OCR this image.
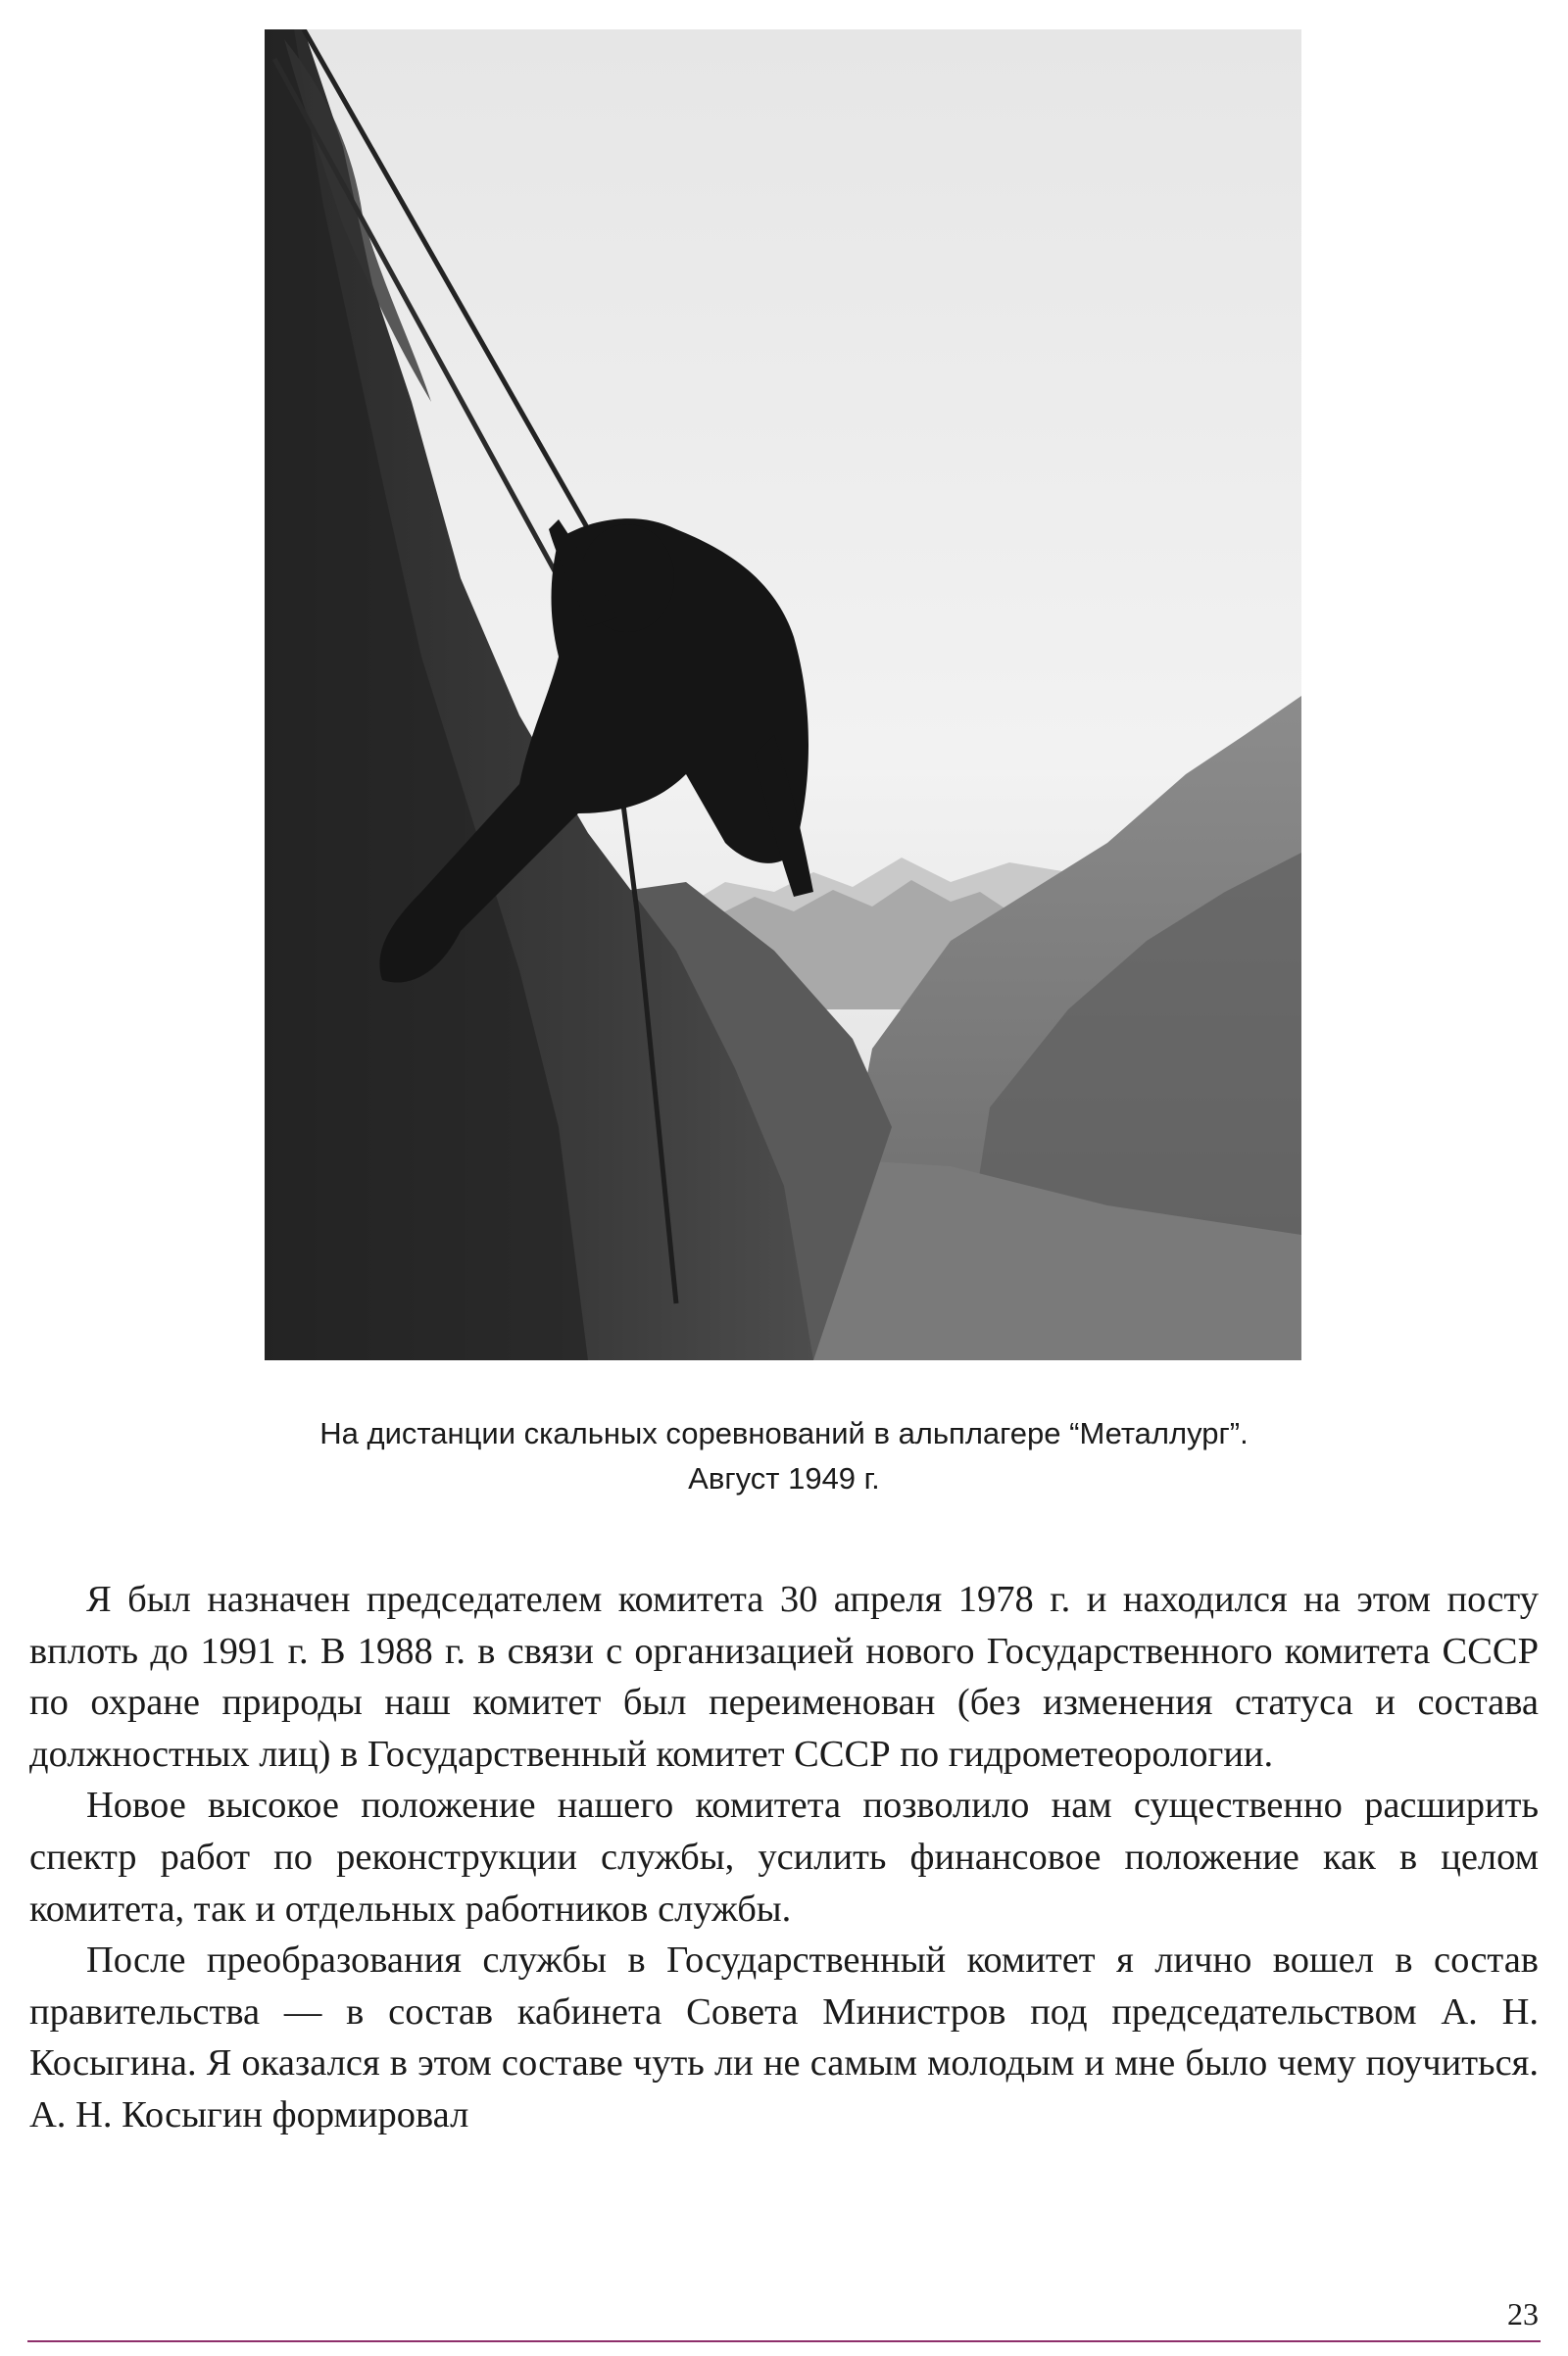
На дистанции скальных соревнований в альплагере “Металлург”.
Август 1949 г.

Я был назначен председателем комитета 30 апреля 1978 г. и находился на этом посту вплоть до 1991 г. В 1988 г. в связи с организацией нового Государственного комитета СССР по охране природы наш комитет был переименован (без изменения статуса и состава должностных лиц) в Государственный комитет СССР по гидрометеорологии.

Новое высокое положение нашего комитета позволило нам существенно расширить спектр работ по реконструкции службы, усилить финансовое положение как в целом комитета, так и отдельных работников службы.

После преобразования службы в Государственный комитет я лично вошел в состав правительства — в состав кабинета Совета Министров под председательством А. Н. Косыгина. Я оказался в этом составе чуть ли не самым молодым и мне было чему поучиться. А. Н. Косыгин формировал

23
